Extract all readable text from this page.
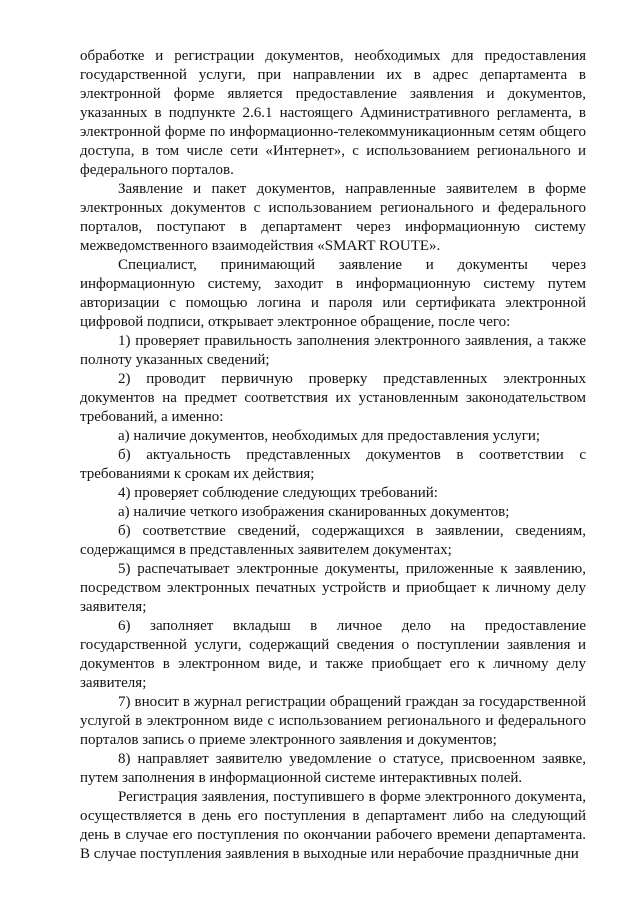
обработке и регистрации документов, необходимых для предоставления государственной услуги, при направлении их в адрес департамента в электронной форме является предоставление заявления и документов, указанных в подпункте 2.6.1 настоящего Административного регламента, в электронной форме по информационно-телекоммуникационным сетям общего доступа, в том числе сети «Интернет», с использованием регионального и федерального порталов.

Заявление и пакет документов, направленные заявителем в форме электронных документов с использованием регионального и федерального порталов, поступают в департамент через информационную систему межведомственного взаимодействия «SMART ROUTE».

Специалист, принимающий заявление и документы через информационную систему, заходит в информационную систему путем авторизации с помощью логина и пароля или сертификата электронной цифровой подписи, открывает электронное обращение, после чего:

1) проверяет правильность заполнения электронного заявления, а также полноту указанных сведений;

2) проводит первичную проверку представленных электронных документов на предмет соответствия их установленным законодательством требований, а именно:

а) наличие документов, необходимых для предоставления услуги;

б) актуальность представленных документов в соответствии с требованиями к срокам их действия;

4) проверяет соблюдение следующих требований:

а) наличие четкого изображения сканированных документов;

б) соответствие сведений, содержащихся в заявлении, сведениям, содержащимся в представленных заявителем документах;

5) распечатывает электронные документы, приложенные к заявлению, посредством электронных печатных устройств и приобщает к личному делу заявителя;

6) заполняет вкладыш в личное дело на предоставление государственной услуги, содержащий сведения о поступлении заявления и документов в электронном виде, и также приобщает его к личному делу заявителя;

7) вносит в журнал регистрации обращений граждан за государственной услугой в электронном виде с использованием регионального и федерального порталов запись о приеме электронного заявления и документов;

8) направляет заявителю уведомление о статусе, присвоенном заявке, путем заполнения в информационной системе интерактивных полей.

Регистрация заявления, поступившего в форме электронного документа, осуществляется в день его поступления в департамент либо на следующий день в случае его поступления по окончании рабочего времени департамента. В случае поступления заявления в выходные или нерабочие праздничные дни
